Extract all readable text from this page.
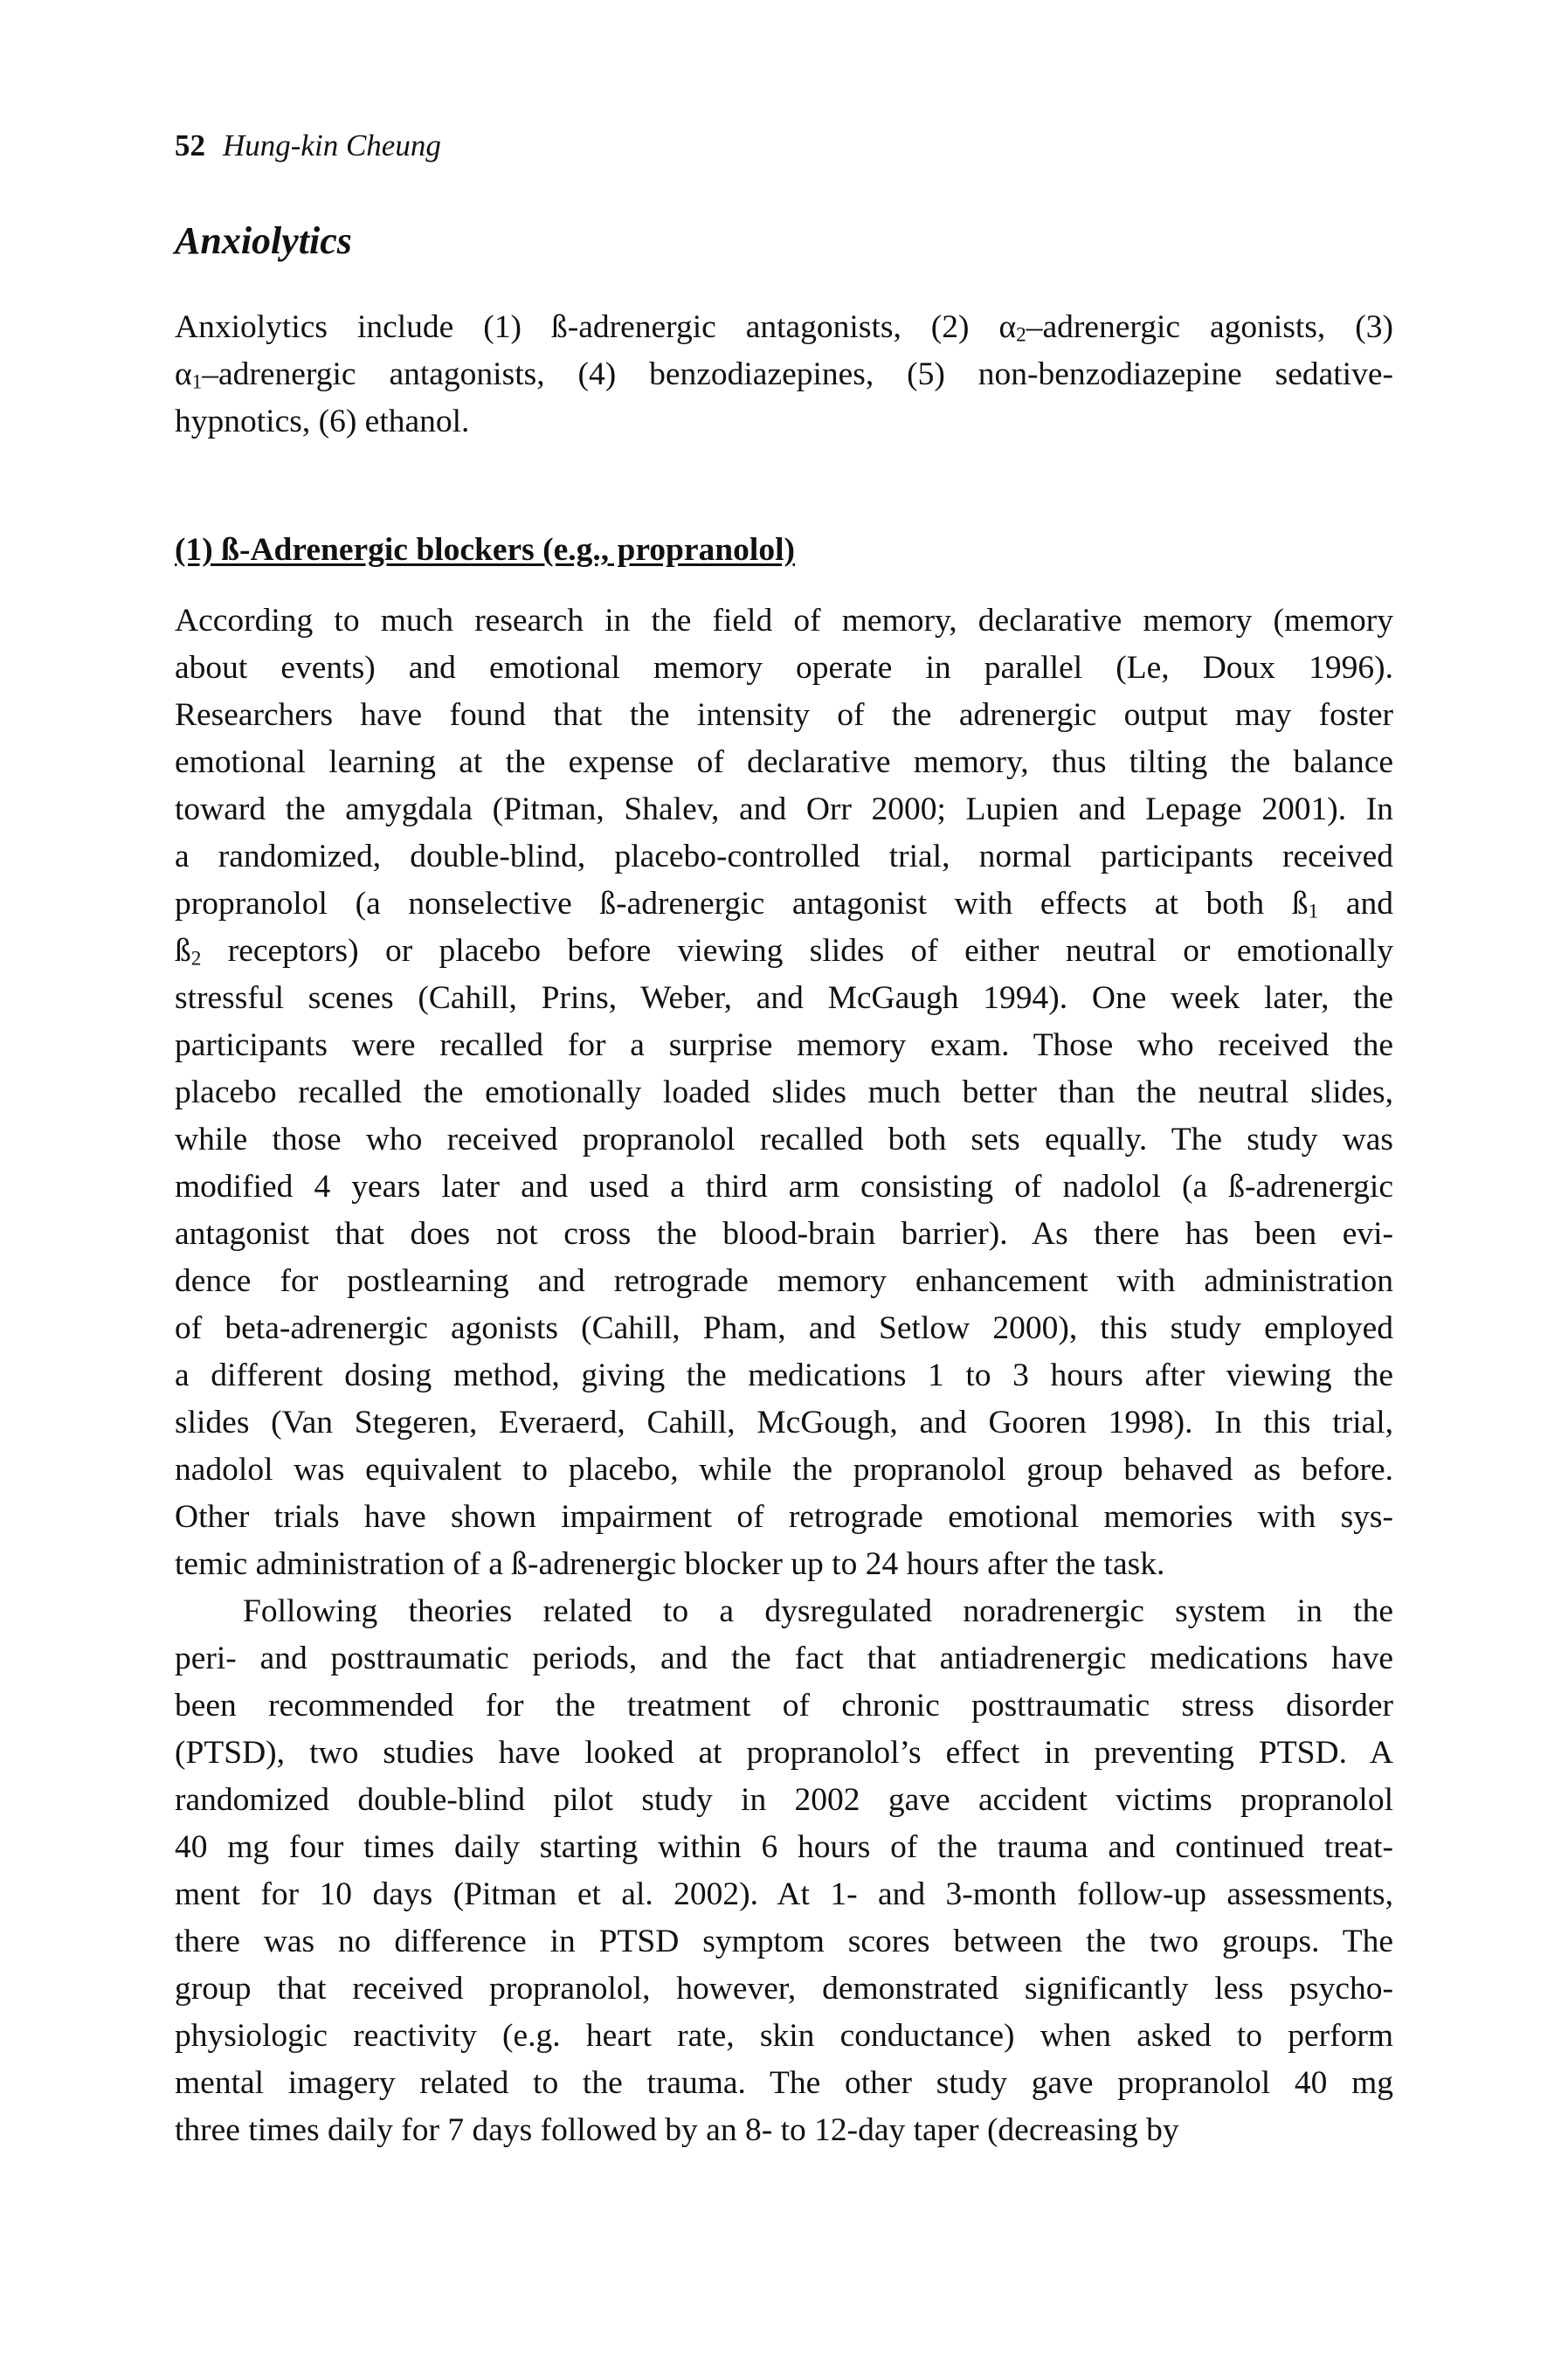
52 Hung-kin Cheung
Anxiolytics
Anxiolytics include (1) ß-adrenergic antagonists, (2) $\alpha_2$–adrenergic agonists, (3)
$\alpha_1$–adrenergic antagonists, (4) benzodiazepines, (5) non-benzodiazepine sedative-
hypnotics, (6) ethanol.
(1) ß-Adrenergic blockers (e.g., propranolol)
According to much research in the field of memory, declarative memory (memory
about events) and emotional memory operate in parallel (Le, Doux 1996).
Researchers have found that the intensity of the adrenergic output may foster
emotional learning at the expense of declarative memory, thus tilting the balance
toward the amygdala (Pitman, Shalev, and Orr 2000; Lupien and Lepage 2001). In
a randomized, double-blind, placebo-controlled trial, normal participants received
propranolol (a nonselective ß-adrenergic antagonist with effects at both $ß_1$ and
$ß_2$ receptors) or placebo before viewing slides of either neutral or emotionally
stressful scenes (Cahill, Prins, Weber, and McGaugh 1994). One week later, the
participants were recalled for a surprise memory exam. Those who received the
placebo recalled the emotionally loaded slides much better than the neutral slides,
while those who received propranolol recalled both sets equally. The study was
modified 4 years later and used a third arm consisting of nadolol (a ß-adrenergic
antagonist that does not cross the blood-brain barrier). As there has been evi-
dence for postlearning and retrograde memory enhancement with administration
of beta-adrenergic agonists (Cahill, Pham, and Setlow 2000), this study employed
a different dosing method, giving the medications 1 to 3 hours after viewing the
slides (Van Stegeren, Everaerd, Cahill, McGough, and Gooren 1998). In this trial,
nadolol was equivalent to placebo, while the propranolol group behaved as before.
Other trials have shown impairment of retrograde emotional memories with sys-
temic administration of a ß-adrenergic blocker up to 24 hours after the task.
Following theories related to a dysregulated noradrenergic system in the
peri- and posttraumatic periods, and the fact that antiadrenergic medications have
been recommended for the treatment of chronic posttraumatic stress disorder
(PTSD), two studies have looked at propranolol’s effect in preventing PTSD. A
randomized double-blind pilot study in 2002 gave accident victims propranolol
40 mg four times daily starting within 6 hours of the trauma and continued treat-
ment for 10 days (Pitman et al. 2002). At 1- and 3-month follow-up assessments,
there was no difference in PTSD symptom scores between the two groups. The
group that received propranolol, however, demonstrated significantly less psycho-
physiologic reactivity (e.g. heart rate, skin conductance) when asked to perform
mental imagery related to the trauma. The other study gave propranolol 40 mg
three times daily for 7 days followed by an 8- to 12-day taper (decreasing by
